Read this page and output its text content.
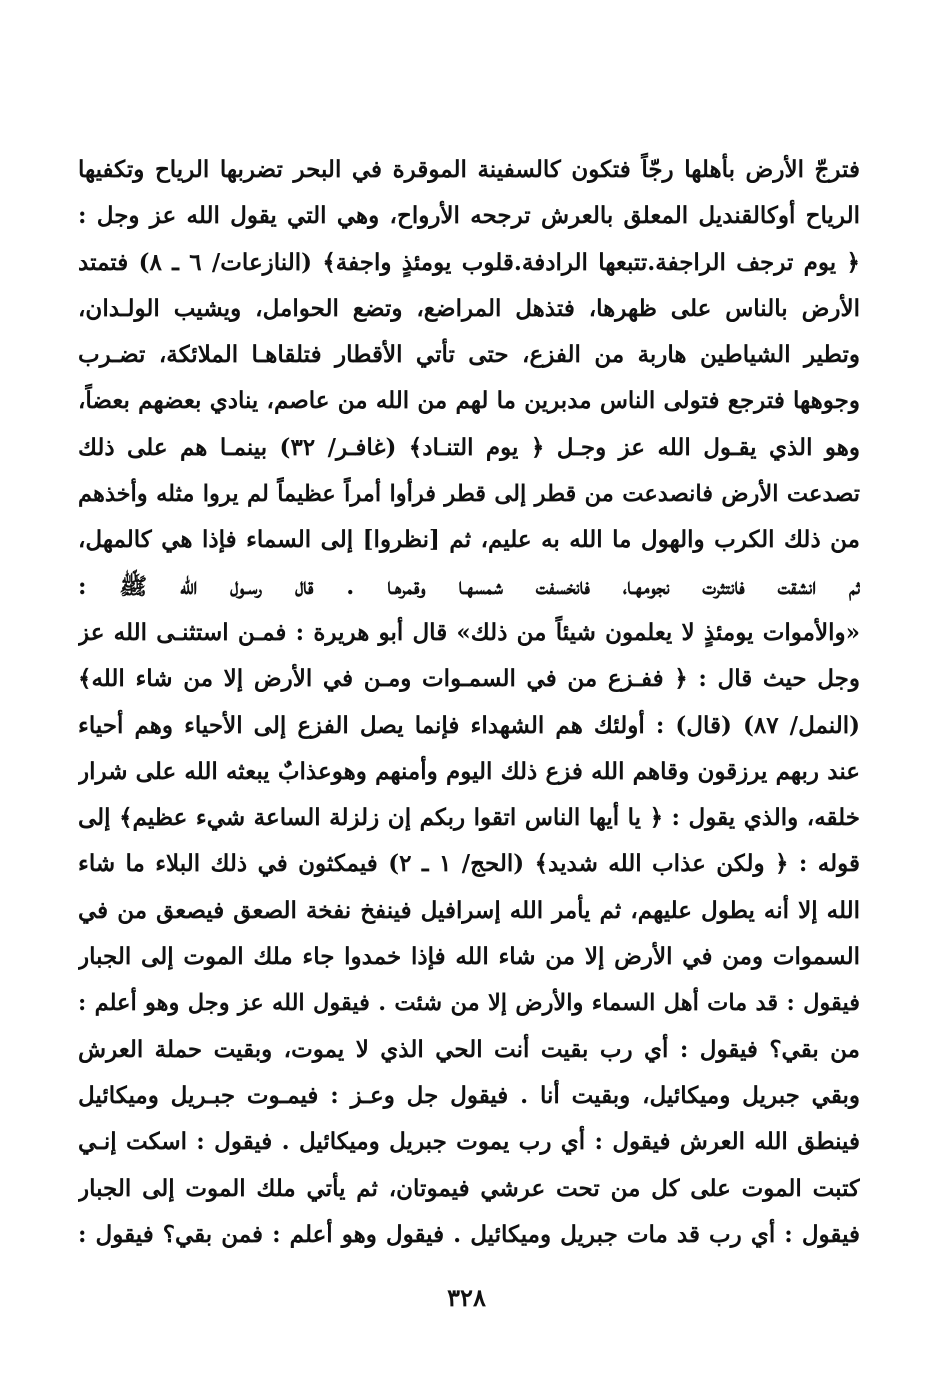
فترجّ الأرض بأهلها رجّاً فتكون كالسفينة الموقرة في البحر تضربها الرياح وتكفيها
الرياح أوكالقنديل المعلق بالعرش ترجحه الأرواح، وهي التي يقول الله عز وجل :
﴿ يوم ترجف الراجفة.تتبعها الرادفة.قلوب يومئذٍ واجفة﴾ (النازعات/ ٦ ـ ٨) فتمتد
الأرض بالناس على ظهرها، فتذهل المراضع، وتضع الحوامل، ويشيب الولـدان،
وتطير الشياطين هاربة من الفزع، حتى تأتي الأقطار فتلقاهـا الملائكة، تضـرب
وجوهها فترجع فتولى الناس مدبرين ما لهم من الله من عاصم، ينادي بعضهم بعضاً،
وهو الذي يقـول الله عز وجـل ﴿ يوم التنـاد﴾ (غافـر/ ٣٢) بينمـا هم على ذلك
تصدعت الأرض فانصدعت من قطر إلى قطر فرأوا أمراً عظيماً لم يروا مثله وأخذهم
من ذلك الكرب والهول ما الله به عليم، ثم [نظروا] إلى السماء فإذا هي كالمهل،
ثم انشقت فانتثرت نجومهـا، فانخسفت شمسهـا وقمرهـا . قال رسـول الله ﷺ :
«والأموات يومئذٍ لا يعلمون شيئاً من ذلك» قال أبو هريرة : فمـن استثنـى الله عز
وجل حيث قال : ﴿ ففـزع من في السمـوات ومـن في الأرض إلا من شاء الله﴾
(النمل/ ٨٧) (قال) : أولئك هم الشهداء فإنما يصل الفزع إلى الأحياء وهم أحياء
عند ربهم يرزقون وقاهم الله فزع ذلك اليوم وأمنهم وهوعذابٌ يبعثه الله على شرار
خلقه، والذي يقول : ﴿ يا أيها الناس اتقوا ربكم إن زلزلة الساعة شيء عظيم﴾ إلى
قوله : ﴿ ولكن عذاب الله شديد﴾ (الحج/ ١ ـ ٢) فيمكثون في ذلك البلاء ما شاء
الله إلا أنه يطول عليهم، ثم يأمر الله إسرافيل فينفخ نفخة الصعق فيصعق من في
السموات ومن في الأرض إلا من شاء الله فإذا خمدوا جاء ملك الموت إلى الجبار
فيقول : قد مات أهل السماء والأرض إلا من شئت . فيقول الله عز وجل وهو أعلم :
من بقي؟ فيقول : أي رب بقيت أنت الحي الذي لا يموت، وبقيت حملة العرش
وبقي جبريل وميكائيل، وبقيت أنا . فيقول جل وعـز : فيمـوت جبـريل وميكائيل
فينطق الله العرش فيقول : أي رب يموت جبريل وميكائيل . فيقول : اسكت إنـي
كتبت الموت على كل من تحت عرشي فيموتان، ثم يأتي ملك الموت إلى الجبار
فيقول : أي رب قد مات جبريل وميكائيل . فيقول وهو أعلم : فمن بقي؟ فيقول :
٣٢٨
